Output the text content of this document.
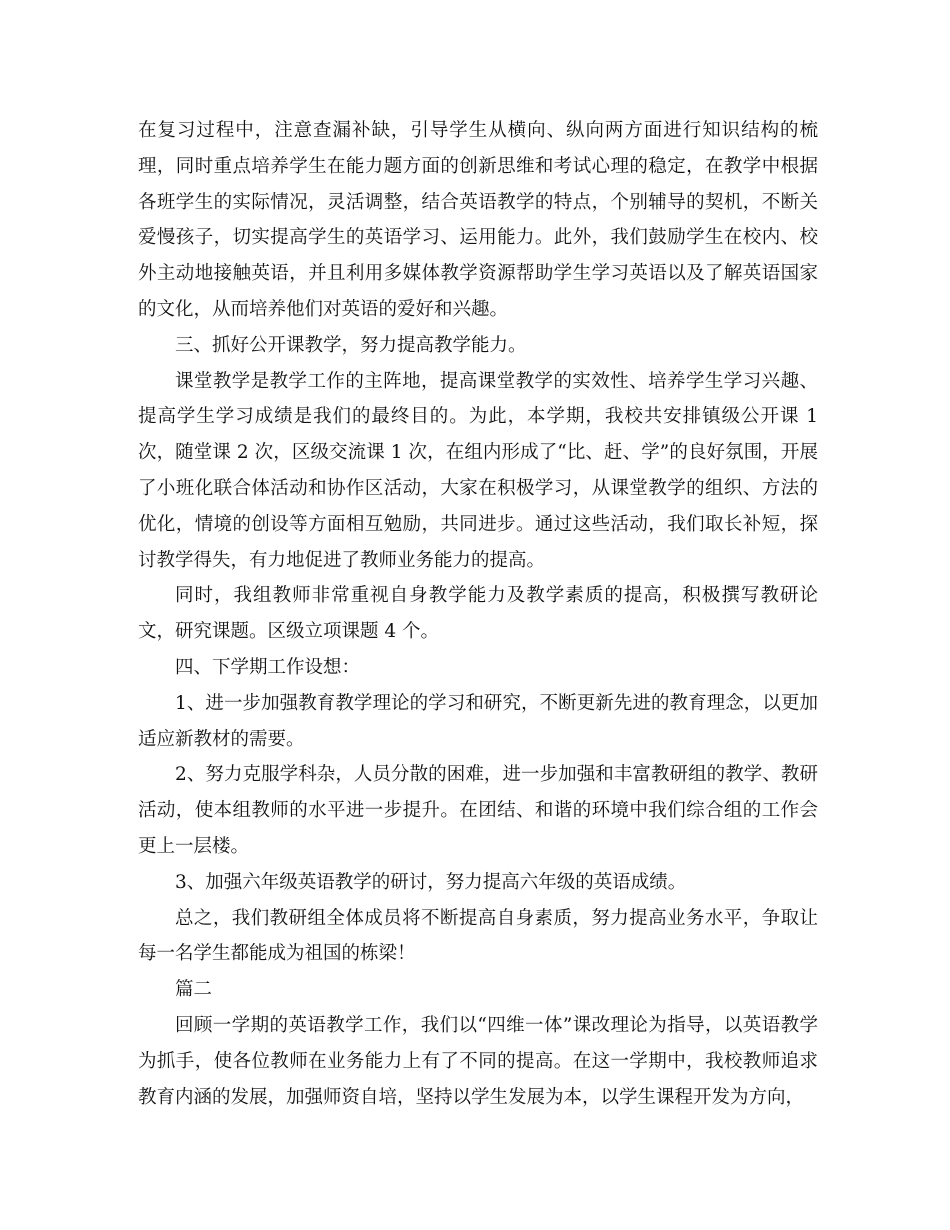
在复习过程中，注意查漏补缺，引导学生从横向、纵向两方面进行知识结构的梳理，同时重点培养学生在能力题方面的创新思维和考试心理的稳定，在教学中根据各班学生的实际情况，灵活调整，结合英语教学的特点，个别辅导的契机，不断关爱慢孩子，切实提高学生的英语学习、运用能力。此外，我们鼓励学生在校内、校外主动地接触英语，并且利用多媒体教学资源帮助学生学习英语以及了解英语国家的文化，从而培养他们对英语的爱好和兴趣。

三、抓好公开课教学，努力提高教学能力。

课堂教学是教学工作的主阵地，提高课堂教学的实效性、培养学生学习兴趣、提高学生学习成绩是我们的最终目的。为此，本学期，我校共安排镇级公开课 1 次，随堂课 2 次，区级交流课 1 次，在组内形成了“比、赶、学”的良好氛围，开展了小班化联合体活动和协作区活动，大家在积极学习，从课堂教学的组织、方法的优化，情境的创设等方面相互勉励，共同进步。通过这些活动，我们取长补短，探讨教学得失，有力地促进了教师业务能力的提高。

同时，我组教师非常重视自身教学能力及教学素质的提高，积极撰写教研论文，研究课题。区级立项课题 4 个。

四、下学期工作设想：

1、进一步加强教育教学理论的学习和研究，不断更新先进的教育理念，以更加适应新教材的需要。

2、努力克服学科杂，人员分散的困难，进一步加强和丰富教研组的教学、教研活动，使本组教师的水平进一步提升。在团结、和谐的环境中我们综合组的工作会更上一层楼。

3、加强六年级英语教学的研讨，努力提高六年级的英语成绩。

总之，我们教研组全体成员将不断提高自身素质，努力提高业务水平，争取让每一名学生都能成为祖国的栋梁！

篇二

回顾一学期的英语教学工作，我们以“四维一体”课改理论为指导，以英语教学为抓手，使各位教师在业务能力上有了不同的提高。在这一学期中，我校教师追求教育内涵的发展，加强师资自培，坚持以学生发展为本，以学生课程开发为方向，
